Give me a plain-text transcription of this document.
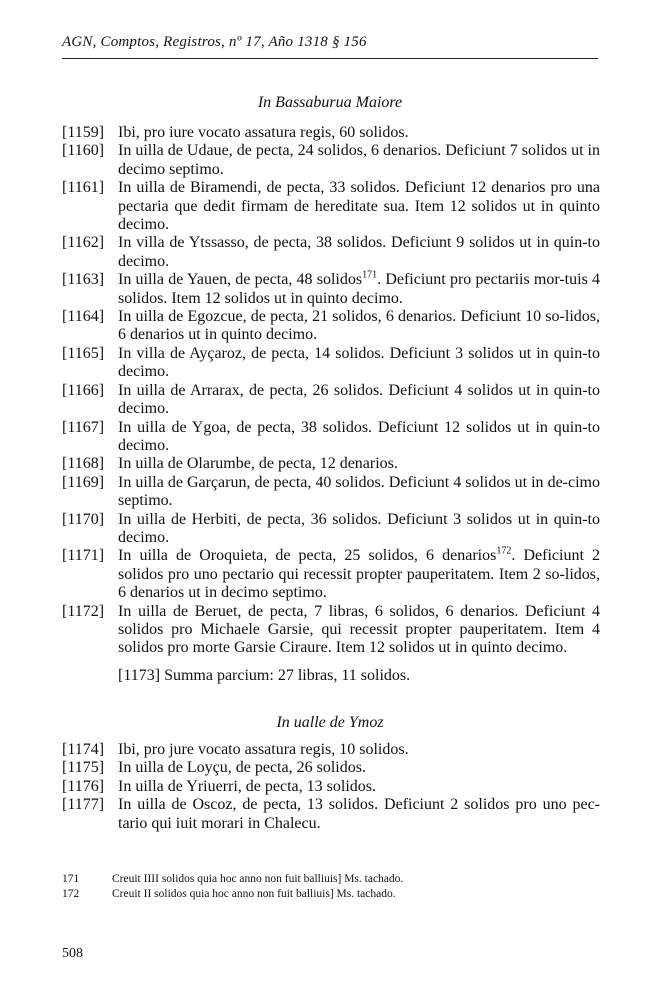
AGN, Comptos, Registros, nº 17, Año 1318 § 156
In Bassaburua Maiore
[1159] Ibi, pro iure vocato assatura regis, 60 solidos.
[1160] In uilla de Udaue, de pecta, 24 solidos, 6 denarios. Deficiunt 7 solidos ut in decimo septimo.
[1161] In uilla de Biramendi, de pecta, 33 solidos. Deficiunt 12 denarios pro una pectaria que dedit firmam de hereditate sua. Item 12 solidos ut in quinto decimo.
[1162] In villa de Ytssasso, de pecta, 38 solidos. Deficiunt 9 solidos ut in quin-to decimo.
[1163] In uilla de Yauen, de pecta, 48 solidos$^{171}$. Deficiunt pro pectariis mor-tuis 4 solidos. Item 12 solidos ut in quinto decimo.
[1164] In uilla de Egozcue, de pecta, 21 solidos, 6 denarios. Deficiunt 10 so-lidos, 6 denarios ut in quinto decimo.
[1165] In villa de Ayçaroz, de pecta, 14 solidos. Deficiunt 3 solidos ut in quin-to decimo.
[1166] In uilla de Arrarax, de pecta, 26 solidos. Deficiunt 4 solidos ut in quin-to decimo.
[1167] In uilla de Ygoa, de pecta, 38 solidos. Deficiunt 12 solidos ut in quin-to decimo.
[1168] In uilla de Olarumbe, de pecta, 12 denarios.
[1169] In uilla de Garçarun, de pecta, 40 solidos. Deficiunt 4 solidos ut in de-cimo septimo.
[1170] In uilla de Herbiti, de pecta, 36 solidos. Deficiunt 3 solidos ut in quin-to decimo.
[1171] In uilla de Oroquieta, de pecta, 25 solidos, 6 denarios$^{172}$. Deficiunt 2 solidos pro uno pectario qui recessit propter pauperitatem. Item 2 so-lidos, 6 denarios ut in decimo septimo.
[1172] In uilla de Beruet, de pecta, 7 libras, 6 solidos, 6 denarios. Deficiunt 4 solidos pro Michaele Garsie, qui recessit propter pauperitatem. Item 4 solidos pro morte Garsie Ciraure. Item 12 solidos ut in quinto decimo.
[1173] Summa parcium: 27 libras, 11 solidos.
In ualle de Ymoz
[1174] Ibi, pro jure vocato assatura regis, 10 solidos.
[1175] In uilla de Loyçu, de pecta, 26 solidos.
[1176] In uilla de Yriuerri, de pecta, 13 solidos.
[1177] In uilla de Oscoz, de pecta, 13 solidos. Deficiunt 2 solidos pro uno pec-tario qui iuit morari in Chalecu.
171	Creuit IIII solidos quia hoc anno non fuit balliuis] Ms. tachado.
172	Creuit II solidos quia hoc anno non fuit balliuis] Ms. tachado.
508
